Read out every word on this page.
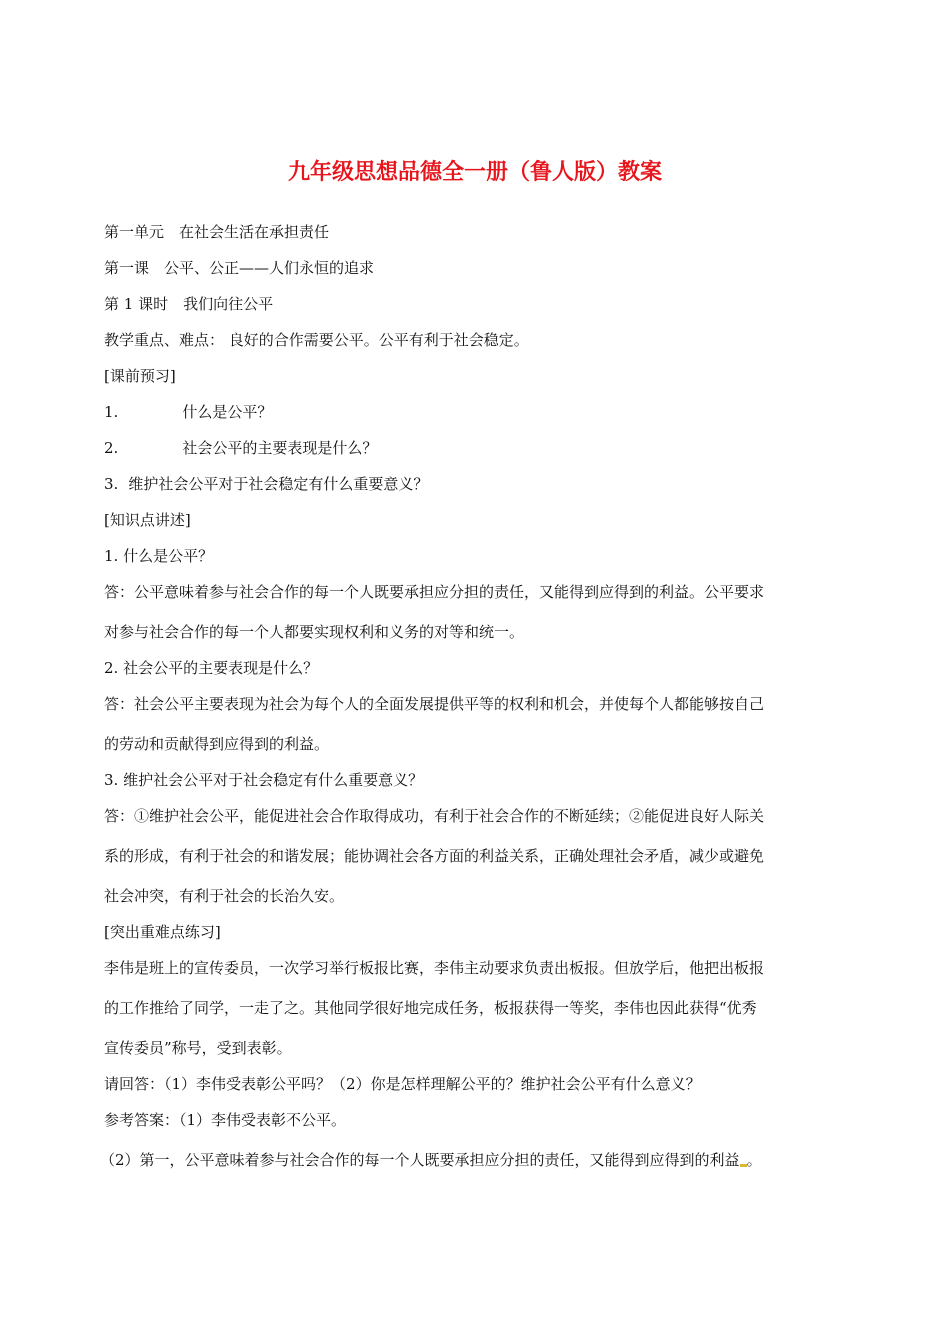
九年级思想品德全一册（鲁人版）教案
第一单元　在社会生活在承担责任
第一课　公平、公正——人们永恒的追求
第 1 课时　我们向往公平
教学重点、难点： 良好的合作需要公平。公平有利于社会稳定。
[课前预习]
1.	什么是公平？
2.	社会公平的主要表现是什么？
3. 维护社会公平对于社会稳定有什么重要意义？
[知识点讲述]
1. 什么是公平？
答：公平意味着参与社会合作的每一个人既要承担应分担的责任，又能得到应得到的利益。公平要求
对参与社会合作的每一个人都要实现权利和义务的对等和统一。
2. 社会公平的主要表现是什么？
答：社会公平主要表现为社会为每个人的全面发展提供平等的权利和机会，并使每个人都能够按自己
的劳动和贡献得到应得到的利益。
3. 维护社会公平对于社会稳定有什么重要意义？
答：①维护社会公平，能促进社会合作取得成功，有利于社会合作的不断延续；②能促进良好人际关
系的形成，有利于社会的和谐发展；能协调社会各方面的利益关系，正确处理社会矛盾，减少或避免
社会冲突，有利于社会的长治久安。
[突出重难点练习]
李伟是班上的宣传委员，一次学习举行板报比赛，李伟主动要求负责出板报。但放学后，他把出板报
的工作推给了同学，一走了之。其他同学很好地完成任务，板报获得一等奖，李伟也因此获得“优秀
宣传委员”称号，受到表彰。
请回答：（1）李伟受表彰公平吗？（2）你是怎样理解公平的？维护社会公平有什么意义？
参考答案：（1）李伟受表彰不公平。
（2）第一，公平意味着参与社会合作的每一个人既要承担应分担的责任，又能得到应得到的利益 。
